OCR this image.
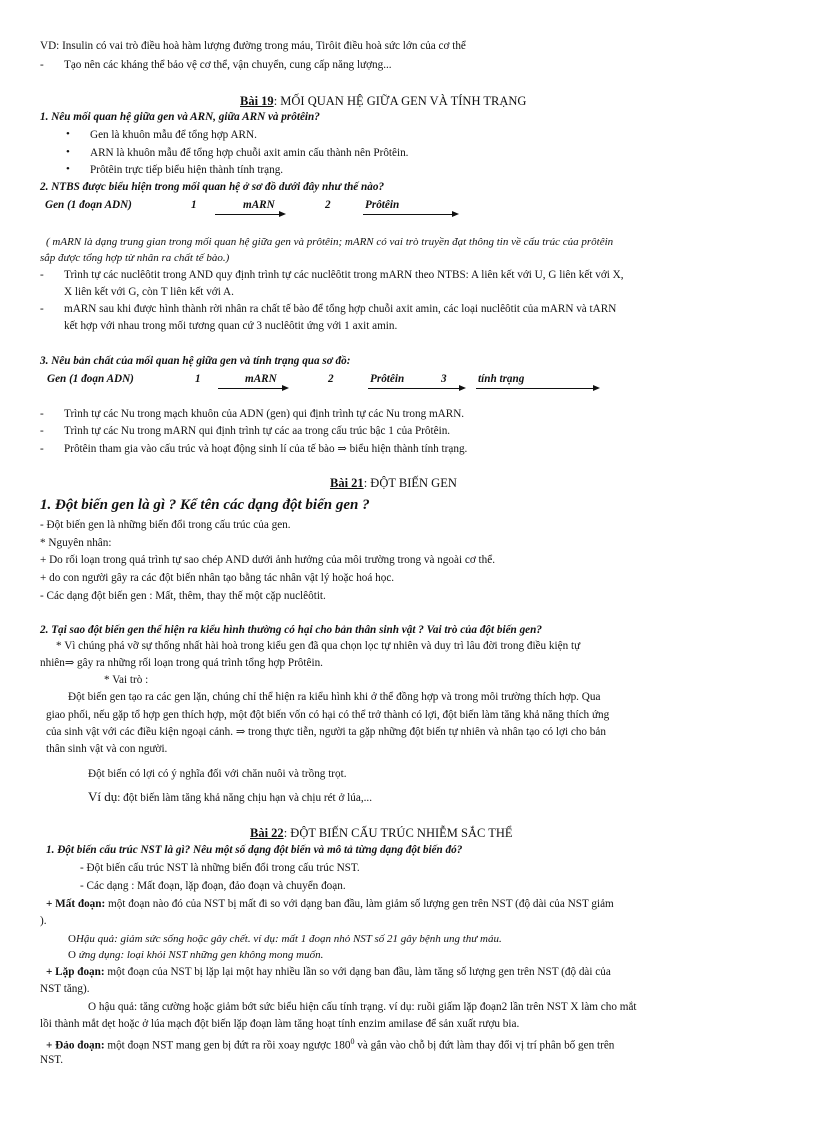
VD: Insulin có vai trò điều hoà hàm lượng đường trong máu, Tirôit điều hoà sức lớn của cơ thể
- Tạo nên các kháng thể bảo vệ cơ thể, vận chuyển, cung cấp năng lượng...
Bài 19: MỐI QUAN HỆ GIỮA GEN VÀ TÍNH TRẠNG
1. Nêu mối quan hệ giữa gen và ARN, giữa ARN và prôtêin?
• Gen là khuôn mẫu để tổng hợp ARN.
• ARN là khuôn mẫu để tổng hợp chuỗi axit amin cấu thành nên Prôtêin.
• Prôtêin trực tiếp biểu hiện thành tính trạng.
2. NTBS được biểu hiện trong mối quan hệ ở sơ đồ dưới đây như thế nào?
Gen (1 đoạn ADN)	1	mARN	2	Prôtêin
( mARN là dạng trung gian trong mối quan hệ giữa gen và prôtêin; mARN có vai trò truyền đạt thông tin về cấu trúc của prôtêin
sắp được tổng hợp từ nhân ra chất tế bào.)
- Trình tự các nuclêôtit trong AND quy định trình tự các nuclêôtit trong mARN theo NTBS: A liên kết với U, G liên kết với X,
X liên kết với G, còn T liên kết với A.
- mARN sau khi được hình thành rời nhân ra chất tế bào để tổng hợp chuỗi axit amin, các loại nuclêôtit của mARN và tARN
kết hợp với nhau trong mối tương quan cứ 3 nuclêôtit ứng với 1 axit amin.
3. Nêu bản chất của mối quan hệ giữa gen và tính trạng qua sơ đồ:
Gen (1 đoạn ADN)	1	mARN	2	Prôtêin	3	tính trạng
- Trình tự các Nu trong mạch khuôn của ADN (gen) qui định trình tự các Nu trong mARN.
- Trình tự các Nu trong mARN qui định trình tự các aa trong cấu trúc bậc 1 của Prôtêin.
- Prôtêin tham gia vào cấu trúc và hoạt động sinh lí của tế bào ⇒ biểu hiện thành tính trạng.
Bài 21: ĐỘT BIẾN GEN
1. Đột biến gen là gì ? Kể tên các dạng đột biến gen ?
- Đột biến gen là những biến đổi trong cấu trúc của gen.
* Nguyên nhân:
+ Do rối loạn trong quá trình tự sao chép AND dưới ảnh hưởng của môi trường trong và ngoài cơ thể.
+ do con người gây ra các đột biến nhân tạo bằng tác nhân vật lý hoặc hoá học.
- Các dạng đột biến gen : Mất, thêm, thay thế một cặp nuclêôtit.
2. Tại sao đột biến gen thể hiện ra kiểu hình thường có hại cho bản thân sinh vật ? Vai trò của đột biến gen?
* Vì chúng phá vỡ sự thống nhất hài hoà trong kiểu gen đã qua chọn lọc tự nhiên và duy trì lâu đời trong điều kiện tự
nhiên⇒ gây ra những rối loạn trong quá trình tổng hợp Prôtêin.
* Vai trò :
Đột biến gen tạo ra các gen lặn, chúng chỉ thể hiện ra kiểu hình khi ở thể đồng hợp và trong môi trường thích hợp. Qua
giao phối, nếu gặp tổ hợp gen thích hợp, một đột biến vốn có hại có thể trở thành có lợi, đột biến làm tăng khả năng thích ứng
của sinh vật với các điều kiện ngoại cảnh. ⇒ trong thực tiễn, người ta gặp những đột biến tự nhiên và nhân tạo có lợi cho bản
thân sinh vật và con người.
Đột biến có lợi có ý nghĩa đối với chăn nuôi và trồng trọt.
Ví dụ: đột biến làm tăng khả năng chịu hạn và chịu rét ở lúa,...
Bài 22: ĐỘT BIẾN CẤU TRÚC NHIỄM SẮC THỂ
1. Đột biến cấu trúc NST là gì? Nêu một số dạng đột biến và mô tả từng dạng đột biến đó?
- Đột biến cấu trúc NST là những biến đổi trong cấu trúc NST.
- Các dạng : Mất đoạn, lặp đoạn, đảo đoạn và chuyển đoạn.
+ Mất đoạn: một đoạn nào đó của NST bị mất đi so với dạng ban đầu, làm giảm số lượng gen trên NST (độ dài của NST giảm
).
OHậu quả: giảm sức sống hoặc gây chết. ví dụ: mất 1 đoạn nhỏ NST số 21 gây bệnh ung thư máu.
O ứng dụng: loại khỏi NST những gen không mong muốn.
+ Lặp đoạn: một đoạn của NST bị lặp lại một hay nhiều lần so với dạng ban đầu, làm tăng số lượng gen trên NST (độ dài của
NST tăng).
O hậu quả: tăng cường hoặc giảm bớt sức biểu hiện cấu tính trạng. ví dụ: ruồi giấm lặp đoạn2 lần trên NST X làm cho mắt
lồi thành mắt dẹt hoặc ở lúa mạch đột biến lặp đoạn làm tăng hoạt tính enzim amilase để sản xuất rượu bia.
+ Đảo đoạn: một đoạn NST mang gen bị đứt ra rồi xoay ngược $180^0$ và gắn vào chỗ bị đứt làm thay đổi vị trí phân bố gen trên
NST.
